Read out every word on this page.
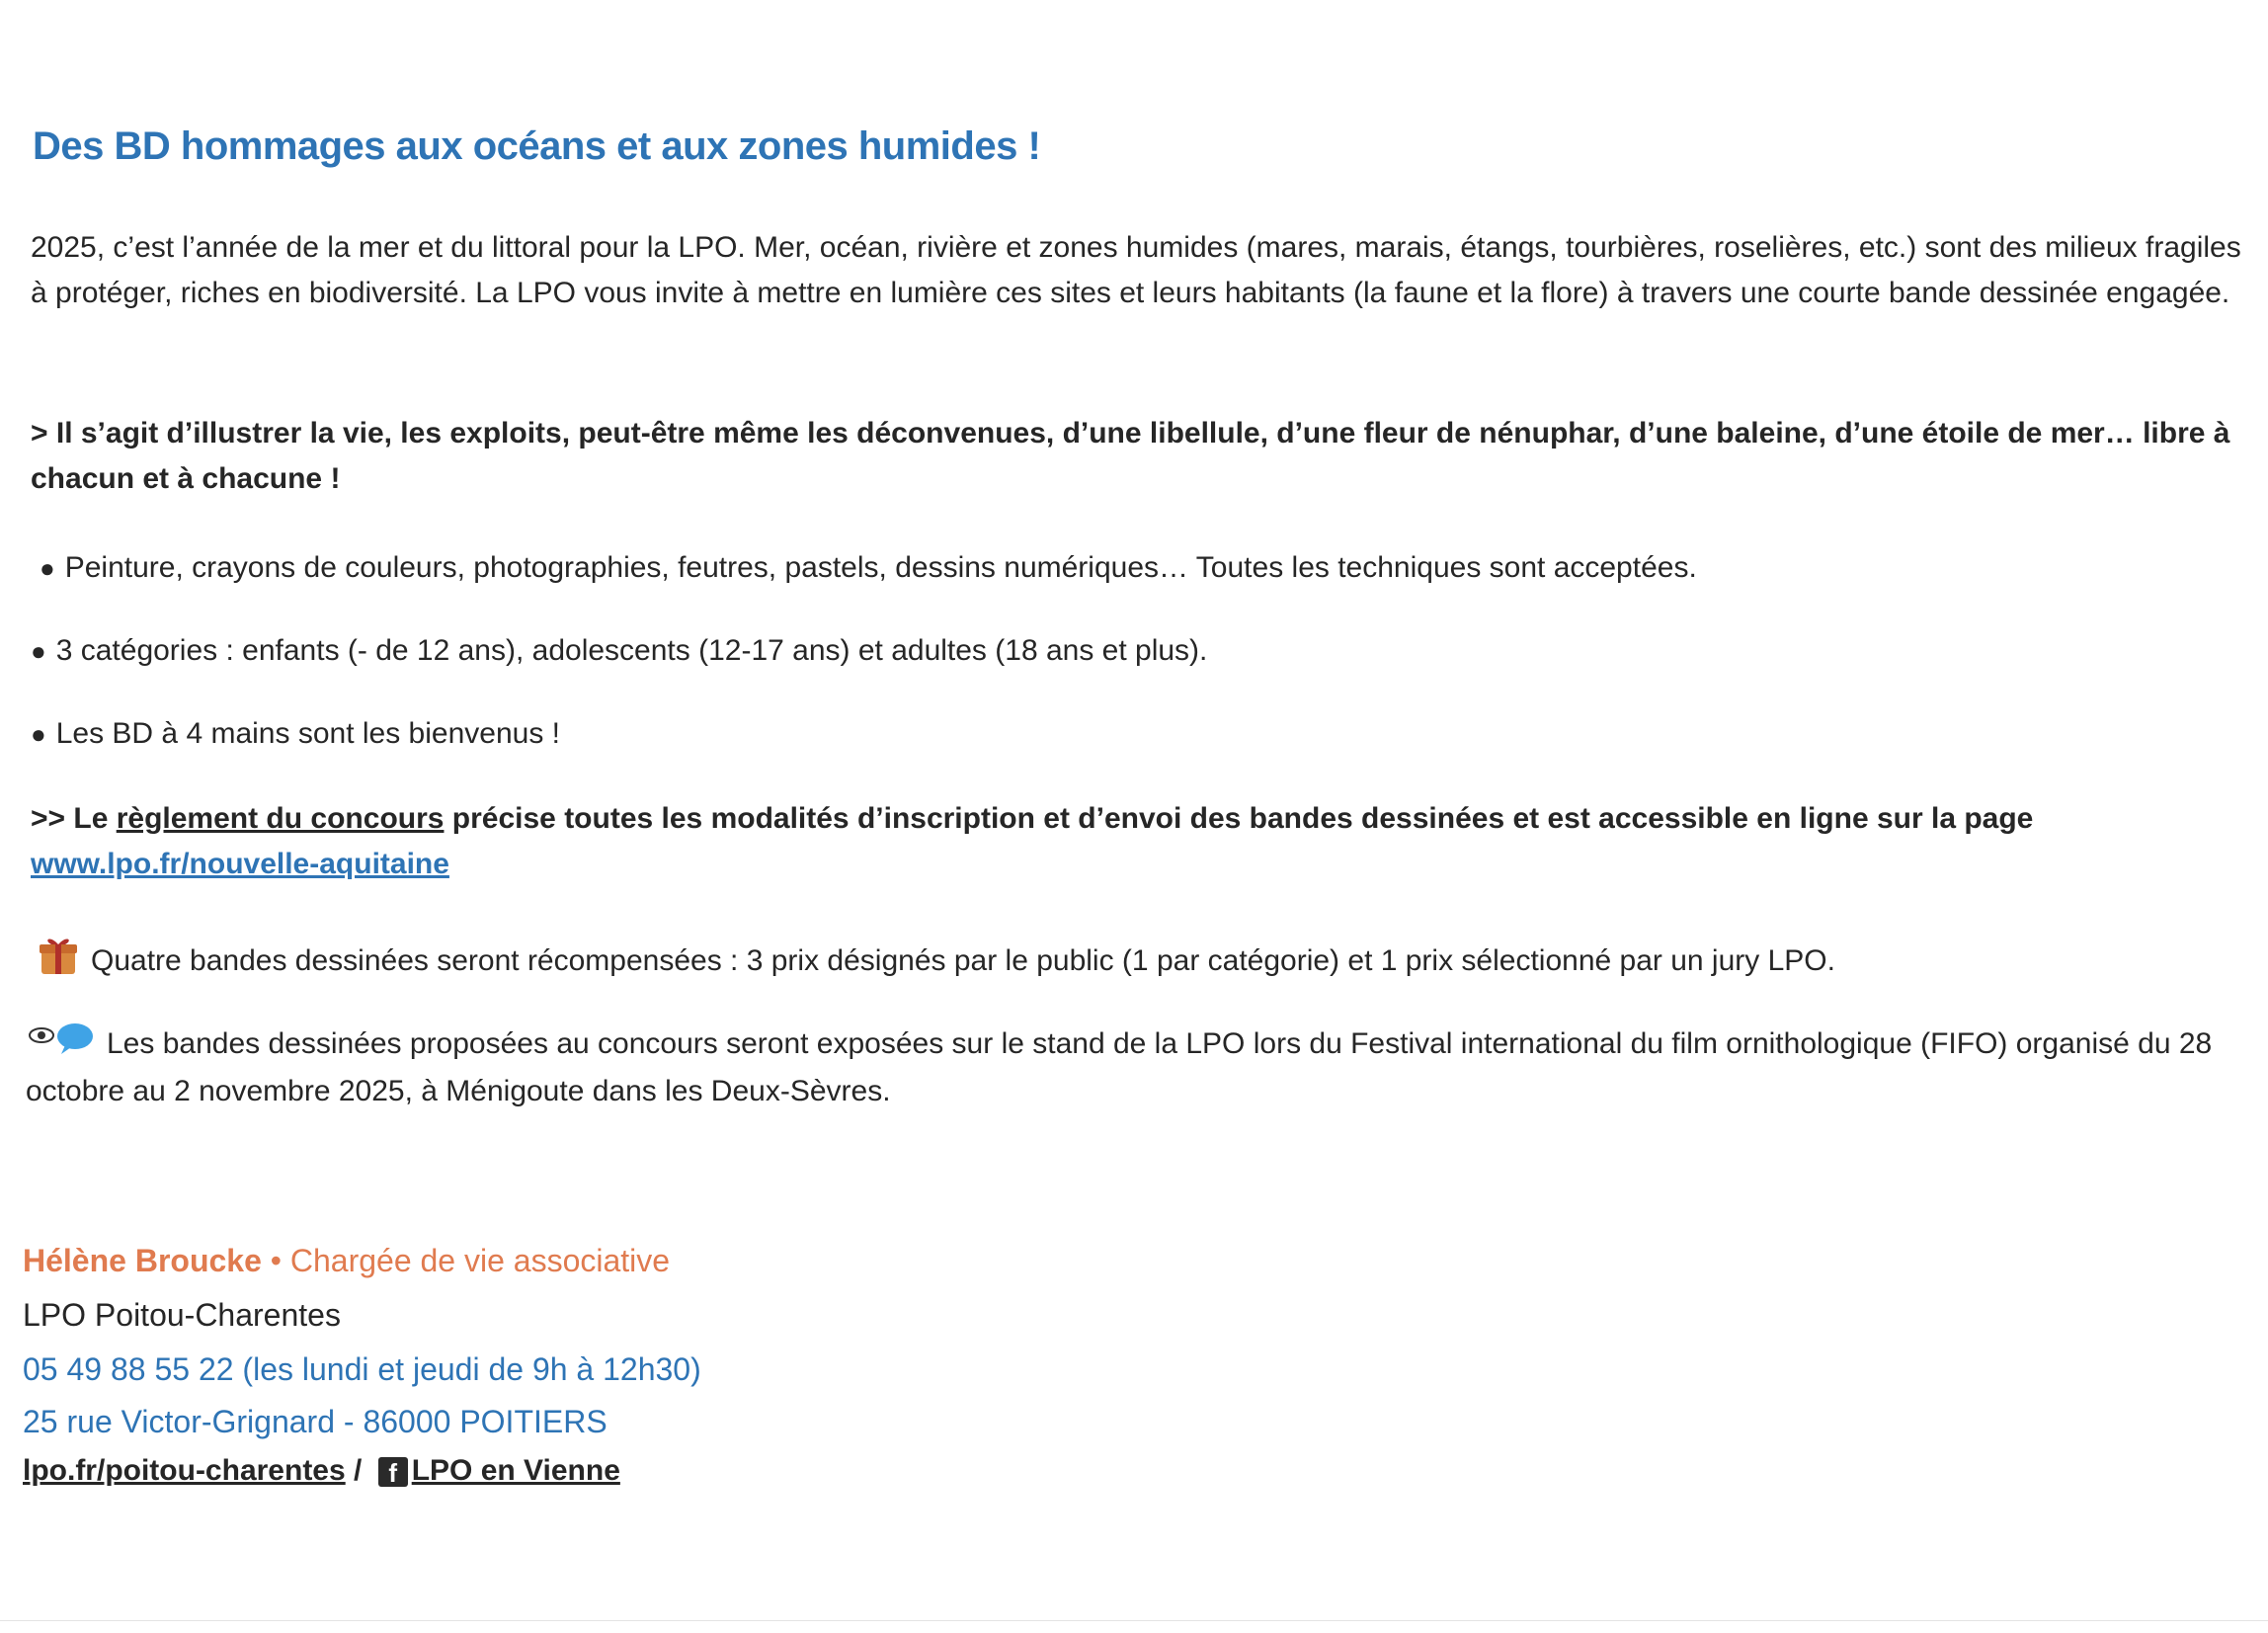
Des BD hommages aux océans et aux zones humides !

2025, c’est l’année de la mer et du littoral pour la LPO. Mer, océan, rivière et zones humides (mares, marais, étangs, tourbières, roselières, etc.) sont des milieux fragiles à protéger, riches en biodiversité. La LPO vous invite à mettre en lumière ces sites et leurs habitants (la faune et la flore) à travers une courte bande dessinée engagée.

> Il s’agit d’illustrer la vie, les exploits, peut-être même les déconvenues, d’une libellule, d’une fleur de nénuphar, d’une baleine, d’une étoile de mer… libre à chacun et à chacune !

● Peinture, crayons de couleurs, photographies, feutres, pastels, dessins numériques… Toutes les techniques sont acceptées.

● 3 catégories : enfants (- de 12 ans), adolescents (12-17 ans) et adultes (18 ans et plus).

● Les BD à 4 mains sont les bienvenus !

>> Le règlement du concours précise toutes les modalités d’inscription et d’envoi des bandes dessinées et est accessible en ligne sur la page
www.lpo.fr/nouvelle-aquitaine

Quatre bandes dessinées seront récompensées : 3 prix désignés par le public (1 par catégorie) et 1 prix sélectionné par un jury LPO.

Les bandes dessinées proposées au concours seront exposées sur le stand de la LPO lors du Festival international du film ornithologique (FIFO) organisé du 28 octobre au 2 novembre 2025, à Ménigoute dans les Deux-Sèvres.

Hélène Broucke • Chargée de vie associative

LPO Poitou-Charentes

05 49 88 55 22 (les lundi et jeudi de 9h à 12h30)

25 rue Victor-Grignard - 86000 POITIERS

lpo.fr/poitou-charentes / f LPO en Vienne
